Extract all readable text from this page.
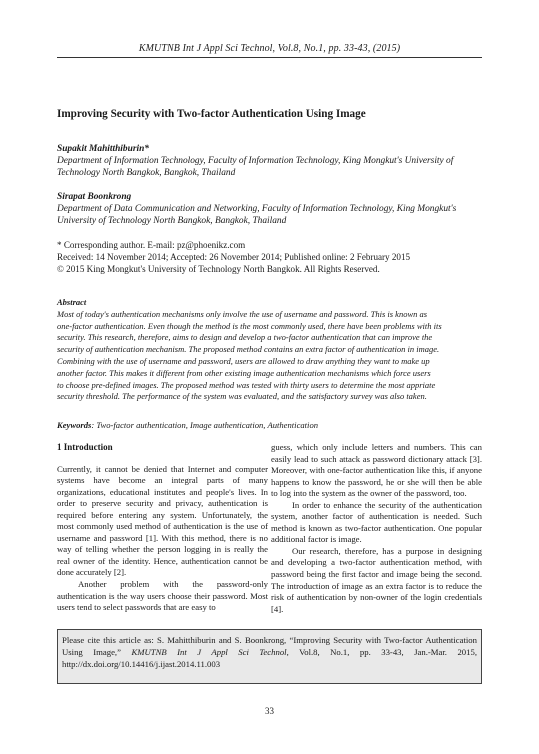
KMUTNB Int J Appl Sci Technol, Vol.8, No.1, pp. 33-43, (2015)
Improving Security with Two-factor Authentication Using Image
Supakit Mahitthiburin*
Department of Information Technology, Faculty of Information Technology, King Mongkut's University of
Technology North Bangkok, Bangkok, Thailand
Sirapat Boonkrong
Department of Data Communication and Networking, Faculty of Information Technology, King Mongkut's
University of Technology North Bangkok, Bangkok, Thailand
* Corresponding author. E-mail: pz@phoenikz.com
Received: 14 November 2014; Accepted: 26 November 2014; Published online: 2 February 2015
© 2015 King Mongkut's University of Technology North Bangkok. All Rights Reserved.
Abstract
Most of today's authentication mechanisms only involve the use of username and password. This is known as
one-factor authentication. Even though the method is the most commonly used, there have been problems with its
security. This research, therefore, aims to design and develop a two-factor authentication that can improve the
security of authentication mechanism. The proposed method contains an extra factor of authentication in image.
Combining with the use of username and password, users are allowed to draw anything they want to make up
another factor. This makes it different from other existing image authentication mechanisms which force users
to choose pre-defined images. The proposed method was tested with thirty users to determine the most appriate
security threshold. The performance of the system was evaluated, and the satisfactory survey was also taken.
Keywords: Two-factor authentication, Image authentication, Authentication
1 Introduction

Currently, it cannot be denied that Internet and computer systems have become an integral parts of many organizations, educational institutes and people's lives. In order to preserve security and privacy, authentication is required before entering any system. Unfortunately, the most commonly used method of authentication is the use of username and password [1]. With this method, there is no way of telling whether the person logging in is really the real owner of the identity. Hence, authentication cannot be done accurately [2].

Another problem with the password-only authentication is the way users choose their password. Most users tend to select passwords that are easy to

guess, which only include letters and numbers. This can easily lead to such attack as password dictionary attack [3]. Moreover, with one-factor authentication like this, if anyone happens to know the password, he or she will then be able to log into the system as the owner of the password, too.

In order to enhance the security of the authentication system, another factor of authentication is needed. Such method is known as two-factor authentication. One popular additional factor is image.

Our research, therefore, has a purpose in designing and developing a two-factor authentication method, with password being the first factor and image being the second. The introduction of image as an extra factor is to reduce the risk of authentication by non-owner of the login credentials [4].

Please cite this article as: S. Mahitthiburin and S. Boonkrong, “Improving Security with Two-factor Authentication Using Image,” KMUTNB Int J Appl Sci Technol, Vol.8, No.1, pp. 33-43, Jan.-Mar. 2015, http://dx.doi.org/10.14416/j.ijast.2014.11.003
33
